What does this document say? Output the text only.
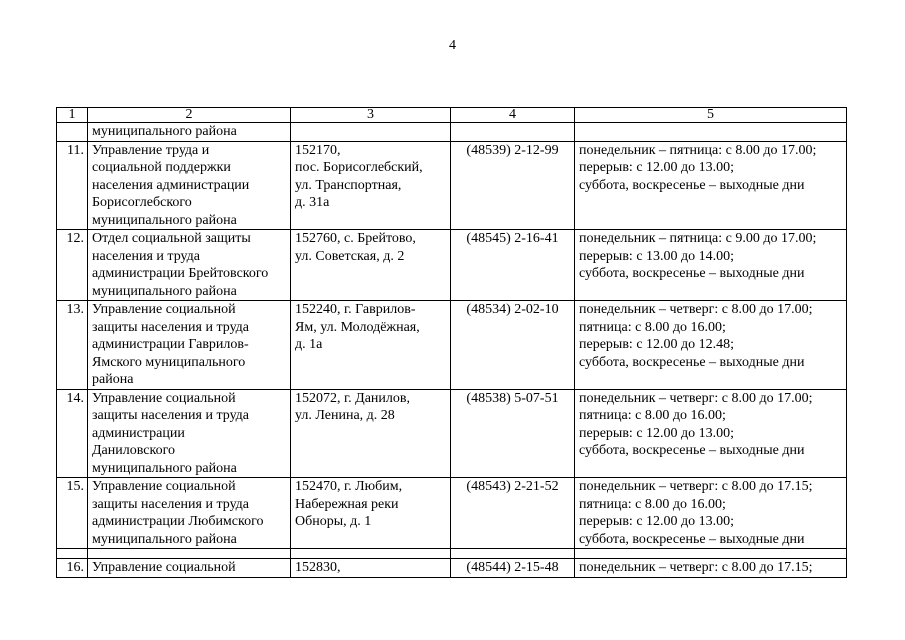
4
1	2	3	4	5

	муниципального района			

11.	Управление труда и
социальной поддержки
населения администрации
Борисоглебского
муниципального района	152170,
пос. Борисоглебский,
ул. Транспортная,
д. 31а	(48539) 2-12-99	понедельник – пятница: с 8.00 до 17.00;
перерыв: с 12.00 до 13.00;
суббота, воскресенье – выходные дни

12.	Отдел социальной защиты
населения и труда
администрации Брейтовского
муниципального района	152760, с. Брейтово,
ул. Советская, д. 2	(48545) 2-16-41	понедельник – пятница: с 9.00 до 17.00;
перерыв: с 13.00 до 14.00;
суббота, воскресенье – выходные дни

13.	Управление социальной
защиты населения и труда
администрации Гаврилов-
Ямского муниципального
района	152240, г. Гаврилов-
Ям, ул. Молодёжная,
д. 1а	(48534) 2-02-10	понедельник – четверг: с 8.00 до 17.00;
пятница: с 8.00 до 16.00;
перерыв: с 12.00 до 12.48;
суббота, воскресенье – выходные дни

14.	Управление социальной
защиты населения и труда
администрации
Даниловского
муниципального района	152072, г. Данилов,
ул. Ленина, д. 28	(48538) 5-07-51	понедельник – четверг: с 8.00 до 17.00;
пятница: с 8.00 до 16.00;
перерыв: с 12.00 до 13.00;
суббота, воскресенье – выходные дни

15.	Управление социальной
защиты населения и труда
администрации Любимского
муниципального района	152470, г. Любим,
Набережная реки
Обноры, д. 1	(48543) 2-21-52	понедельник – четверг: с 8.00 до 17.15;
пятница: с 8.00 до 16.00;
перерыв: с 12.00 до 13.00;
суббота, воскресенье – выходные дни

16.	Управление социальной	152830,	(48544) 2-15-48	понедельник – четверг: с 8.00 до 17.15;
